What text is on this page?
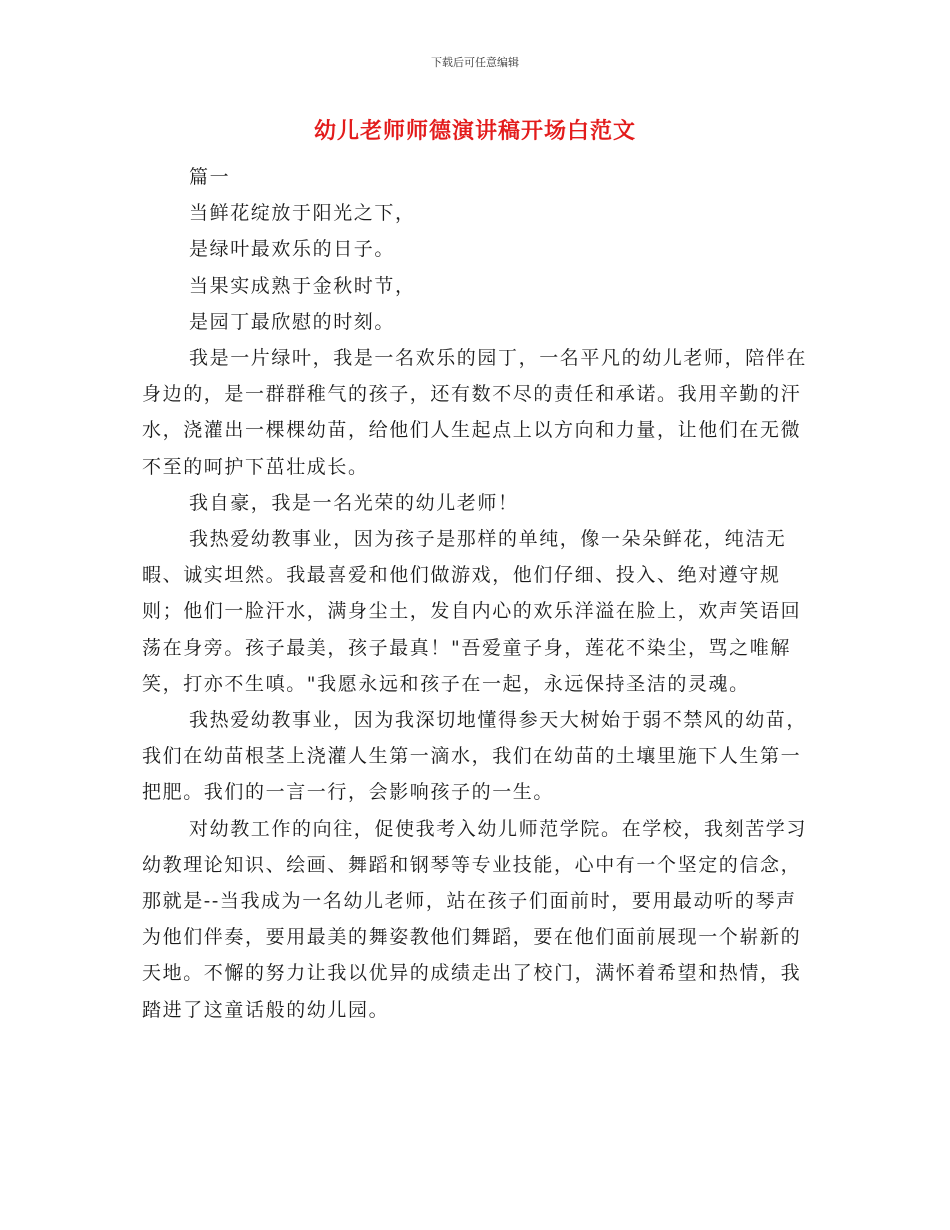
下载后可任意编辑
幼儿老师师德演讲稿开场白范文
篇一
当鲜花绽放于阳光之下，
是绿叶最欢乐的日子。
当果实成熟于金秋时节，
是园丁最欣慰的时刻。
我是一片绿叶，我是一名欢乐的园丁，一名平凡的幼儿老师，陪伴在身边的，是一群群稚气的孩子，还有数不尽的责任和承诺。我用辛勤的汗水，浇灌出一棵棵幼苗，给他们人生起点上以方向和力量，让他们在无微不至的呵护下茁壮成长。
我自豪，我是一名光荣的幼儿老师！
我热爱幼教事业，因为孩子是那样的单纯，像一朵朵鲜花，纯洁无暇、诚实坦然。我最喜爱和他们做游戏，他们仔细、投入、绝对遵守规则；他们一脸汗水，满身尘土，发自内心的欢乐洋溢在脸上，欢声笑语回荡在身旁。孩子最美，孩子最真！"吾爱童子身，莲花不染尘，骂之唯解笑，打亦不生嗔。"我愿永远和孩子在一起，永远保持圣洁的灵魂。
我热爱幼教事业，因为我深切地懂得参天大树始于弱不禁风的幼苗，我们在幼苗根茎上浇灌人生第一滴水，我们在幼苗的土壤里施下人生第一把肥。我们的一言一行，会影响孩子的一生。
对幼教工作的向往，促使我考入幼儿师范学院。在学校，我刻苦学习幼教理论知识、绘画、舞蹈和钢琴等专业技能，心中有一个坚定的信念，那就是--当我成为一名幼儿老师，站在孩子们面前时，要用最动听的琴声为他们伴奏，要用最美的舞姿教他们舞蹈，要在他们面前展现一个崭新的天地。不懈的努力让我以优异的成绩走出了校门，满怀着希望和热情，我踏进了这童话般的幼儿园。
